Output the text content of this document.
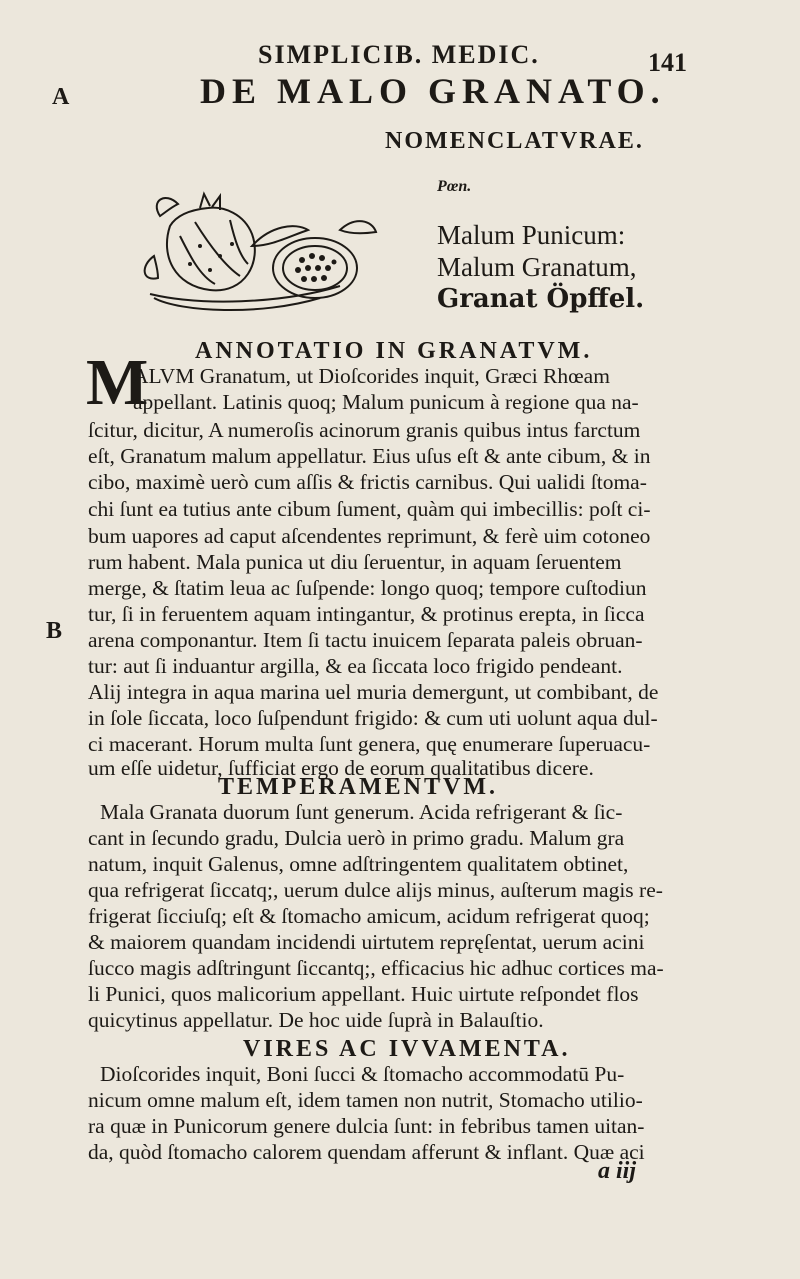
SIMPLICIB. MEDIC.	141
A	DE MALO GRANATO.
NOMENCLATVRAE.
Pœn.
Malum Punicum:
Malum Granatum,
Granat Öpffel.
ANNOTATIO IN GRANATVM.
M
ALVM Granatum, ut Dioſcorides inquit, Græci Rhœam
appellant. Latinis quoq; Malum punicum à regione qua na-
ſcitur, dicitur, A numeroſis acinorum granis quibus intus farctum
eſt, Granatum malum appellatur. Eius uſus eſt & ante cibum, & in
cibo, maximè uerò cum aſſis & frictis carnibus. Qui ualidi ſtoma-
chi ſunt ea tutius ante cibum ſument, quàm qui imbecillis: poſt ci-
bum uapores ad caput aſcendentes reprimunt, & ferè uim cotoneo
rum habent. Mala punica ut diu ſeruentur, in aquam ſeruentem
merge, & ſtatim leua ac ſuſpende: longo quoq; tempore cuſtodiun
tur, ſi in feruentem aquam intingantur, & protinus erepta, in ſicca
B arena componantur. Item ſi tactu inuicem ſeparata paleis obruan-
tur: aut ſi induantur argilla, & ea ſiccata loco frigido pendeant.
Alij integra in aqua marina uel muria demergunt, ut combibant, de
in ſole ſiccata, loco ſuſpendunt frigido: & cum uti uolunt aqua dul-
ci macerant. Horum multa ſunt genera, quę enumerare ſuperuacu-
um eſſe uidetur, ſufficiat ergo de eorum qualitatibus dicere.
TEMPERAMENTVM.
Mala Granata duorum ſunt generum. Acida refrigerant & ſic-
cant in ſecundo gradu, Dulcia uerò in primo gradu. Malum gra
natum, inquit Galenus, omne adſtringentem qualitatem obtinet,
qua refrigerat ſiccatq;, uerum dulce alijs minus, auſterum magis re-
frigerat ſicciuſq; eſt & ſtomacho amicum, acidum refrigerat quoq;
& maiorem quandam incidendi uirtutem repręſentat, uerum acini
ſucco magis adſtringunt ſiccantq;, efficacius hic adhuc cortices ma-
li Punici, quos malicorium appellant. Huic uirtute reſpondet flos
quicytinus appellatur. De hoc uide ſuprà in Balauſtio.
VIRES AC IVVAMENTA.
Dioſcorides inquit, Boni ſucci & ſtomacho accommodatū Pu-
nicum omne malum eſt, idem tamen non nutrit, Stomacho utilio-
ra quæ in Punicorum genere dulcia ſunt: in febribus tamen uitan-
da, quòd ſtomacho calorem quendam afferunt & inflant. Quæ aci
a iij
